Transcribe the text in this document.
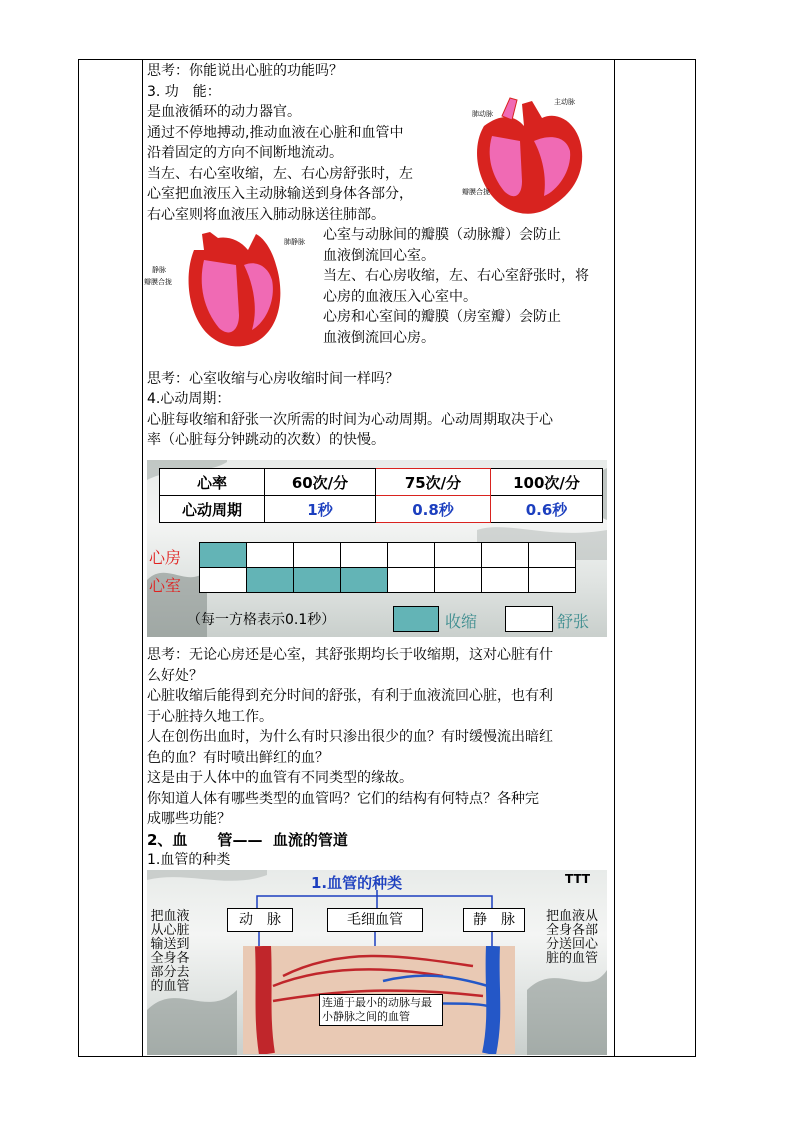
思考：你能说出心脏的功能吗？

3. 功　能：

是血液循环的动力器官。

通过不停地搏动,推动血液在心脏和血管中

沿着固定的方向不间断地流动。

当左、右心室收缩，左、右心房舒张时，左

心室把血液压入主动脉输送到身体各部分，

右心室则将血液压入肺动脉送往肺部。

心室与动脉间的瓣膜（动脉瓣）会防止

血液倒流回心室。

当左、右心房收缩，左、右心室舒张时，将

心房的血液压入心室中。

心房和心室间的瓣膜（房室瓣）会防止

血液倒流回心房。

思考：心室收缩与心房收缩时间一样吗？

4.心动周期：

心脏每收缩和舒张一次所需的时间为心动周期。心动周期取决于心

率（心脏每分钟跳动的次数）的快慢。

肺动脉
主动脉
瓣膜合拢
肺静脉
静脉
瓣膜合拢
心率	60次/分	75次/分	100次/分
心动周期	1秒	0.8秒	0.6秒
心房
心室

（每一方格表示0.1秒）	收缩	舒张

思考：无论心房还是心室，其舒张期均长于收缩期，这对心脏有什

么好处？

心脏收缩后能得到充分时间的舒张，有利于血液流回心脏，也有利

于心脏持久地工作。

人在创伤出血时，为什么有时只渗出很少的血？有时缓慢流出暗红

色的血？有时喷出鲜红的血？

这是由于人体中的血管有不同类型的缘故。

你知道人体有哪些类型的血管吗？它们的结构有何特点？各种完

成哪些功能？

2、血　　管——  血流的管道

1.血管的种类

1.血管的种类	TTT
动　脉	毛细血管	静　脉
把血液从心脏输送到全身各部分去的血管
把血液从全身各部分送回心脏的血管
连通于最小的动脉与最小静脉之间的血管
